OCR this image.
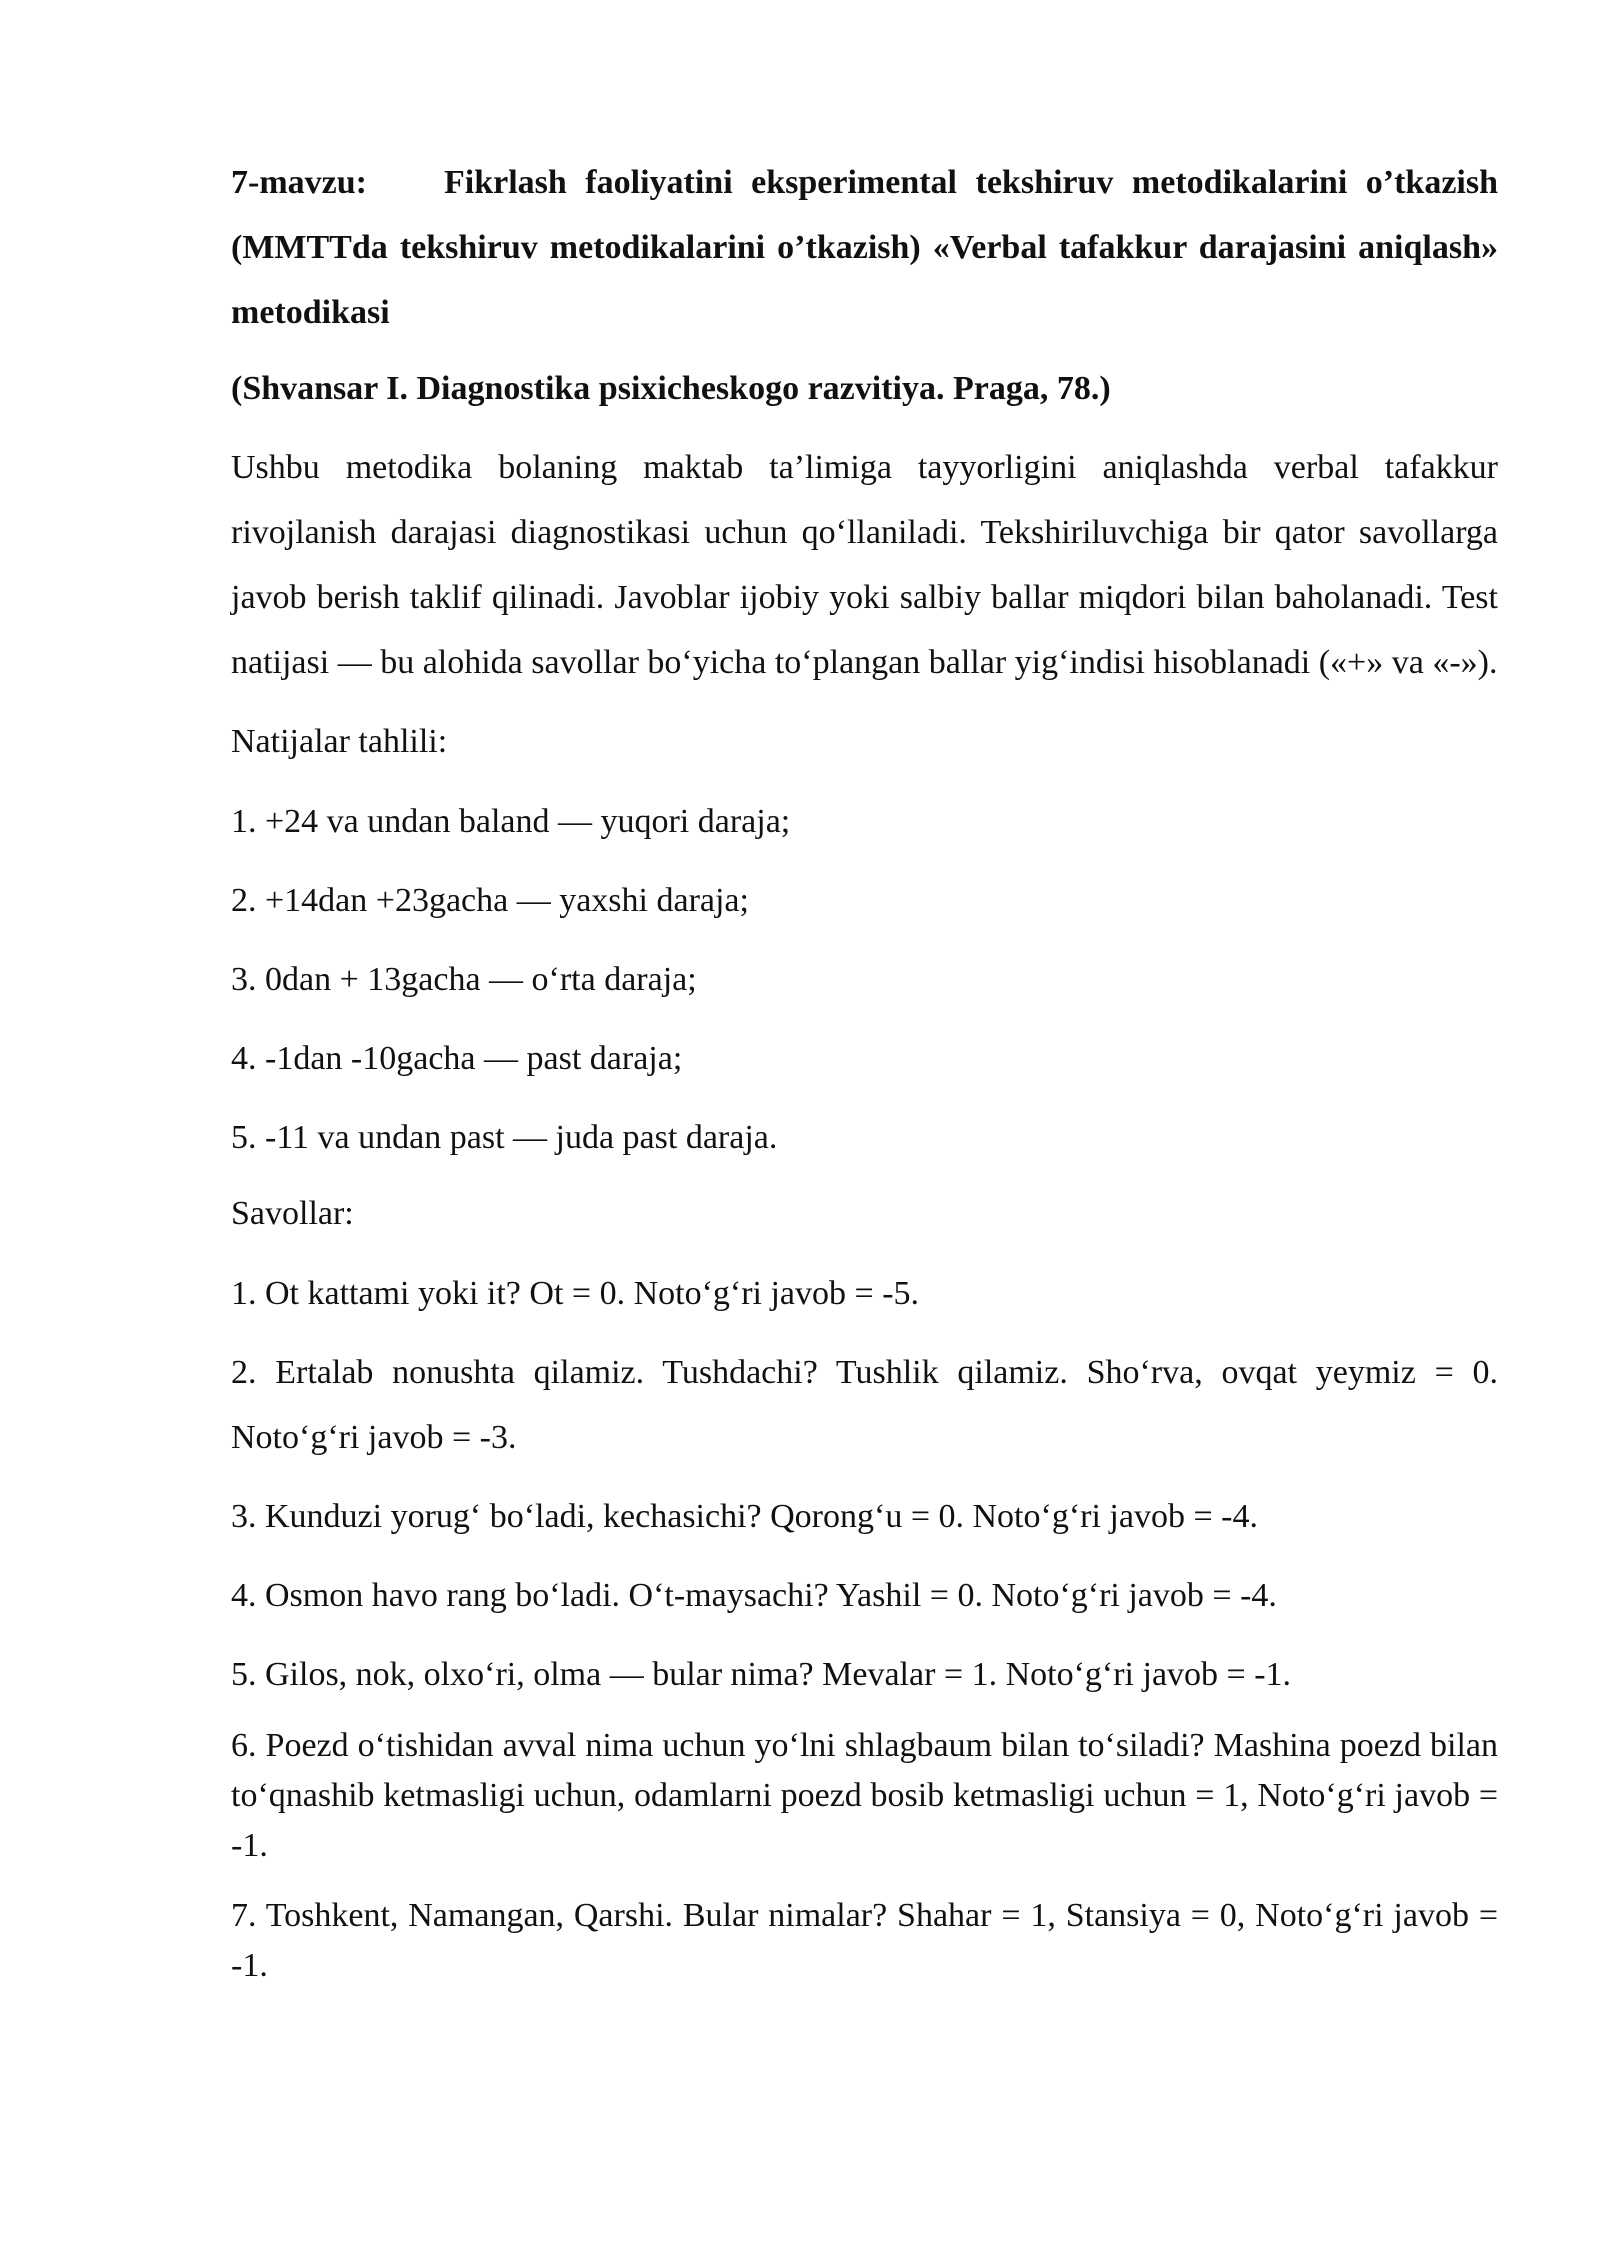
7-mavzu: Fikrlash faoliyatini eksperimental tekshiruv metodikalarini o’tkazish (MMTTda tekshiruv metodikalarini o’tkazish) «Verbal tafakkur darajasini aniqlash» metodikasi

(Shvansar I. Diagnostika psixicheskogo razvitiya. Praga, 78.)

Ushbu metodika bolaning maktab ta’limiga tayyorligini aniqlashda verbal tafakkur rivojlanish darajasi diagnostikasi uchun qo‘llaniladi. Tekshiriluvchiga bir qator savollarga javob berish taklif qilinadi. Javoblar ijobiy yoki salbiy ballar miqdori bilan baholanadi. Test natijasi — bu alohida savollar bo‘yicha to‘plangan ballar yig‘indisi hisoblanadi («+» va «-»).

Natijalar tahlili:

1. +24 va undan baland — yuqori daraja;
2. +14dan +23gacha — yaxshi daraja;
3. 0dan + 13gacha — o‘rta daraja;
4. -1dan -10gacha — past daraja;
5. -11 va undan past — juda past daraja.

Savollar:

1. Ot kattami yoki it? Ot = 0. Noto‘g‘ri javob = -5.
2. Ertalab nonushta qilamiz. Tushdachi? Tushlik qilamiz. Sho‘rva, ovqat yeymiz = 0. Noto‘g‘ri javob = -3.
3. Kunduzi yorug‘ bo‘ladi, kechasichi? Qorong‘u = 0. Noto‘g‘ri javob = -4.
4. Osmon havo rang bo‘ladi. O‘t-maysachi? Yashil = 0. Noto‘g‘ri javob = -4.
5. Gilos, nok, olxo‘ri, olma — bular nima? Mevalar = 1. Noto‘g‘ri javob = -1.
6. Poezd o‘tishidan avval nima uchun yo‘lni shlagbaum bilan to‘siladi? Mashina poezd bilan to‘qnashib ketmasligi uchun, odamlarni poezd bosib ketmasligi uchun = 1, Noto‘g‘ri javob = -1.
7. Toshkent, Namangan, Qarshi. Bular nimalar? Shahar = 1, Stansiya = 0, Noto‘g‘ri javob = -1.
